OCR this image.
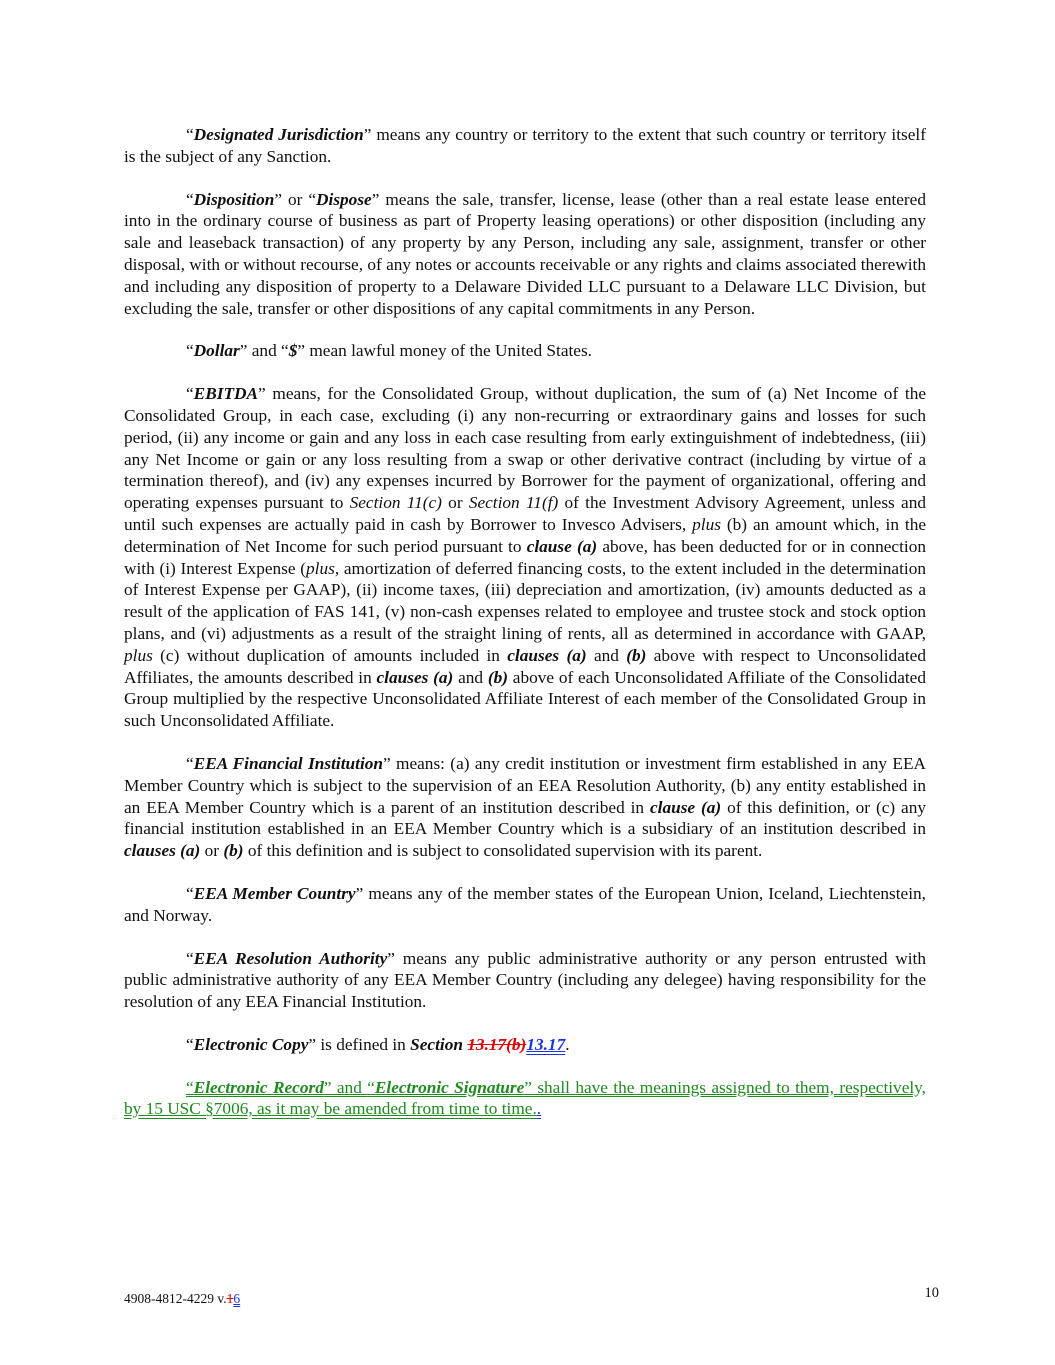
“Designated Jurisdiction” means any country or territory to the extent that such country or territory itself is the subject of any Sanction.

“Disposition” or “Dispose” means the sale, transfer, license, lease (other than a real estate lease entered into in the ordinary course of business as part of Property leasing operations) or other disposition (including any sale and leaseback transaction) of any property by any Person, including any sale, assignment, transfer or other disposal, with or without recourse, of any notes or accounts receivable or any rights and claims associated therewith and including any disposition of property to a Delaware Divided LLC pursuant to a Delaware LLC Division, but excluding the sale, transfer or other dispositions of any capital commitments in any Person.

“Dollar” and “$” mean lawful money of the United States.

“EBITDA” means, for the Consolidated Group, without duplication, the sum of (a) Net Income of the Consolidated Group, in each case, excluding (i) any non-recurring or extraordinary gains and losses for such period, (ii) any income or gain and any loss in each case resulting from early extinguishment of indebtedness, (iii) any Net Income or gain or any loss resulting from a swap or other derivative contract (including by virtue of a termination thereof), and (iv) any expenses incurred by Borrower for the payment of organizational, offering and operating expenses pursuant to Section 11(c) or Section 11(f) of the Investment Advisory Agreement, unless and until such expenses are actually paid in cash by Borrower to Invesco Advisers, plus (b) an amount which, in the determination of Net Income for such period pursuant to clause (a) above, has been deducted for or in connection with (i) Interest Expense (plus, amortization of deferred financing costs, to the extent included in the determination of Interest Expense per GAAP), (ii) income taxes, (iii) depreciation and amortization, (iv) amounts deducted as a result of the application of FAS 141, (v) non-cash expenses related to employee and trustee stock and stock option plans, and (vi) adjustments as a result of the straight lining of rents, all as determined in accordance with GAAP, plus (c) without duplication of amounts included in clauses (a) and (b) above with respect to Unconsolidated Affiliates, the amounts described in clauses (a) and (b) above of each Unconsolidated Affiliate of the Consolidated Group multiplied by the respective Unconsolidated Affiliate Interest of each member of the Consolidated Group in such Unconsolidated Affiliate.

“EEA Financial Institution” means: (a) any credit institution or investment firm established in any EEA Member Country which is subject to the supervision of an EEA Resolution Authority, (b) any entity established in an EEA Member Country which is a parent of an institution described in clause (a) of this definition, or (c) any financial institution established in an EEA Member Country which is a subsidiary of an institution described in clauses (a) or (b) of this definition and is subject to consolidated supervision with its parent.

“EEA Member Country” means any of the member states of the European Union, Iceland, Liechtenstein, and Norway.

“EEA Resolution Authority” means any public administrative authority or any person entrusted with public administrative authority of any EEA Member Country (including any delegee) having responsibility for the resolution of any EEA Financial Institution.

“Electronic Copy” is defined in Section 13.17(b)13.17.

“Electronic Record” and “Electronic Signature” shall have the meanings assigned to them, respectively, by 15 USC §7006, as it may be amended from time to time..

4908-4812-4229 v.16	10
